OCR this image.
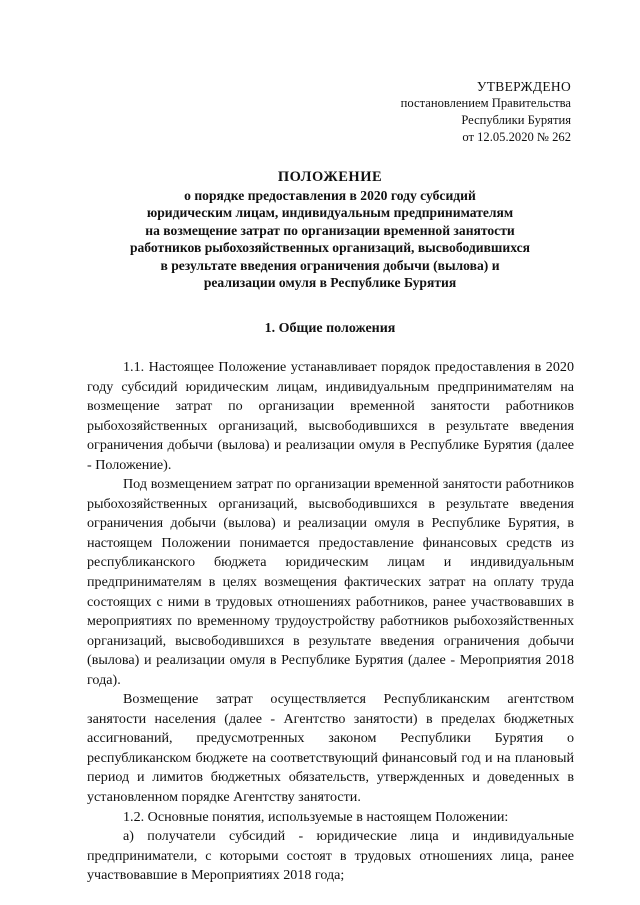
УТВЕРЖДЕНО
постановлением Правительства
Республики Бурятия
от 12.05.2020 № 262
ПОЛОЖЕНИЕ
о порядке предоставления в 2020 году субсидий
юридическим лицам, индивидуальным предпринимателям
на возмещение затрат по организации временной занятости
работников рыбохозяйственных организаций, высвободившихся
в результате введения ограничения добычи (вылова) и
реализации омуля в Республике Бурятия
1. Общие положения

1.1. Настоящее Положение устанавливает порядок предоставления в 2020 году субсидий юридическим лицам, индивидуальным предпринимателям на возмещение затрат по организации временной занятости работников рыбохозяйственных организаций, высвободившихся в результате введения ограничения добычи (вылова) и реализации омуля в Республике Бурятия (далее - Положение).

Под возмещением затрат по организации временной занятости работников рыбохозяйственных организаций, высвободившихся в результате введения ограничения добычи (вылова) и реализации омуля в Республике Бурятия, в настоящем Положении понимается предоставление финансовых средств из республиканского бюджета юридическим лицам и индивидуальным предпринимателям в целях возмещения фактических затрат на оплату труда состоящих с ними в трудовых отношениях работников, ранее участвовавших в мероприятиях по временному трудоустройству работников рыбохозяйственных организаций, высвободившихся в результате введения ограничения добычи (вылова) и реализации омуля в Республике Бурятия (далее - Мероприятия 2018 года).

Возмещение затрат осуществляется Республиканским агентством занятости населения (далее - Агентство занятости) в пределах бюджетных ассигнований, предусмотренных законом Республики Бурятия о республиканском бюджете на соответствующий финансовый год и на плановый период и лимитов бюджетных обязательств, утвержденных и доведенных в установленном порядке Агентству занятости.

1.2. Основные понятия, используемые в настоящем Положении:

а) получатели субсидий - юридические лица и индивидуальные предприниматели, с которыми состоят в трудовых отношениях лица, ранее участвовавшие в Мероприятиях 2018 года;
